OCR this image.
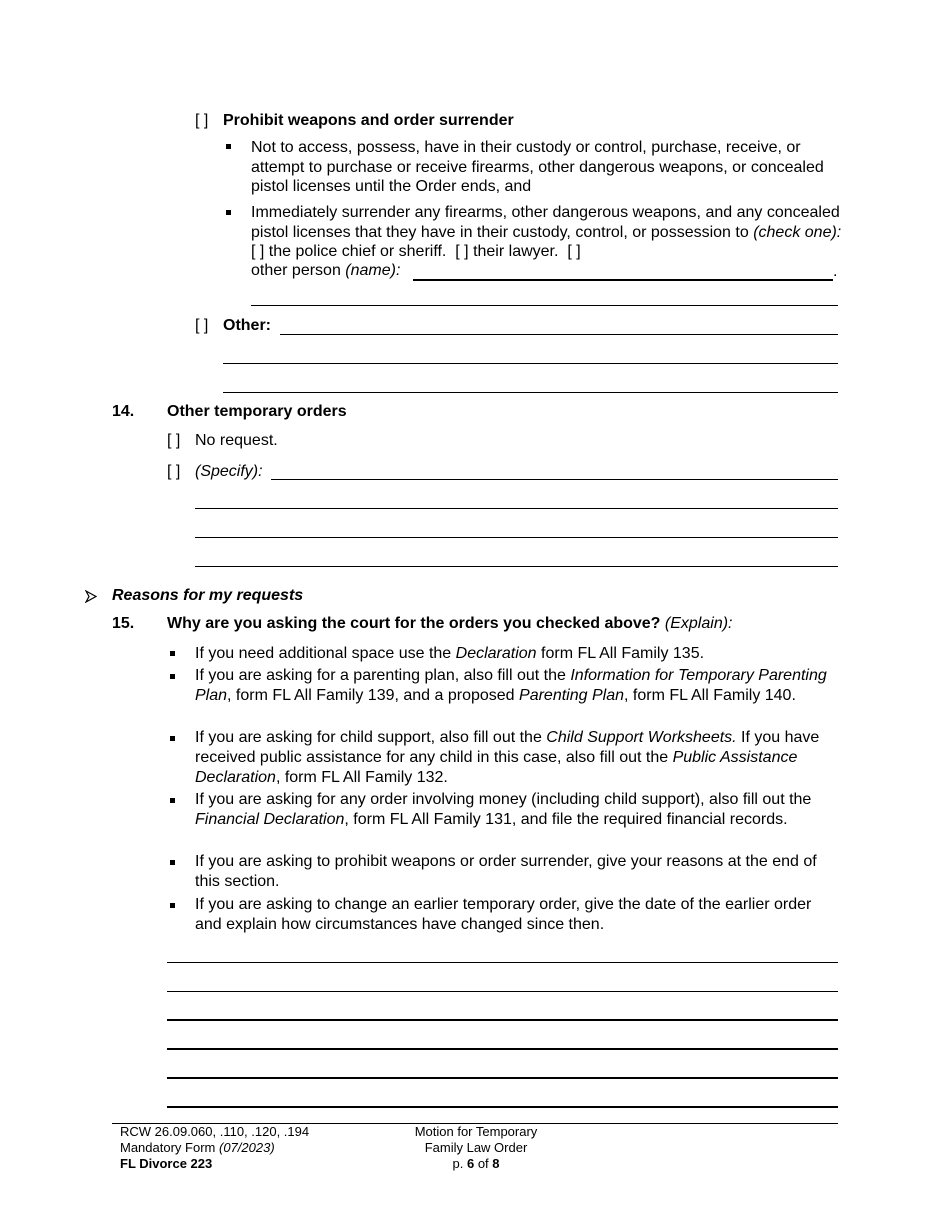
[ ] Prohibit weapons and order surrender
Not to access, possess, have in their custody or control, purchase, receive, or attempt to purchase or receive firearms, other dangerous weapons, or concealed pistol licenses until the Order ends, and
Immediately surrender any firearms, other dangerous weapons, and any concealed pistol licenses that they have in their custody, control, or possession to (check one): [ ] the police chief or sheriff. [ ] their lawyer. [ ]
other person (name):	.
[ ] Other:
14. Other temporary orders
[ ] No request.
[ ] (Specify):
Reasons for my requests
15. Why are you asking the court for the orders you checked above? (Explain):
If you need additional space use the Declaration form FL All Family 135.
If you are asking for a parenting plan, also fill out the Information for Temporary Parenting Plan, form FL All Family 139, and a proposed Parenting Plan, form FL All Family 140.
If you are asking for child support, also fill out the Child Support Worksheets. If you have received public assistance for any child in this case, also fill out the Public Assistance Declaration, form FL All Family 132.
If you are asking for any order involving money (including child support), also fill out the Financial Declaration, form FL All Family 131, and file the required financial records.
If you are asking to prohibit weapons or order surrender, give your reasons at the end of this section.
If you are asking to change an earlier temporary order, give the date of the earlier order and explain how circumstances have changed since then.
RCW 26.09.060, .110, .120, .194
Mandatory Form (07/2023)
FL Divorce 223
Motion for Temporary
Family Law Order
p. 6 of 8
